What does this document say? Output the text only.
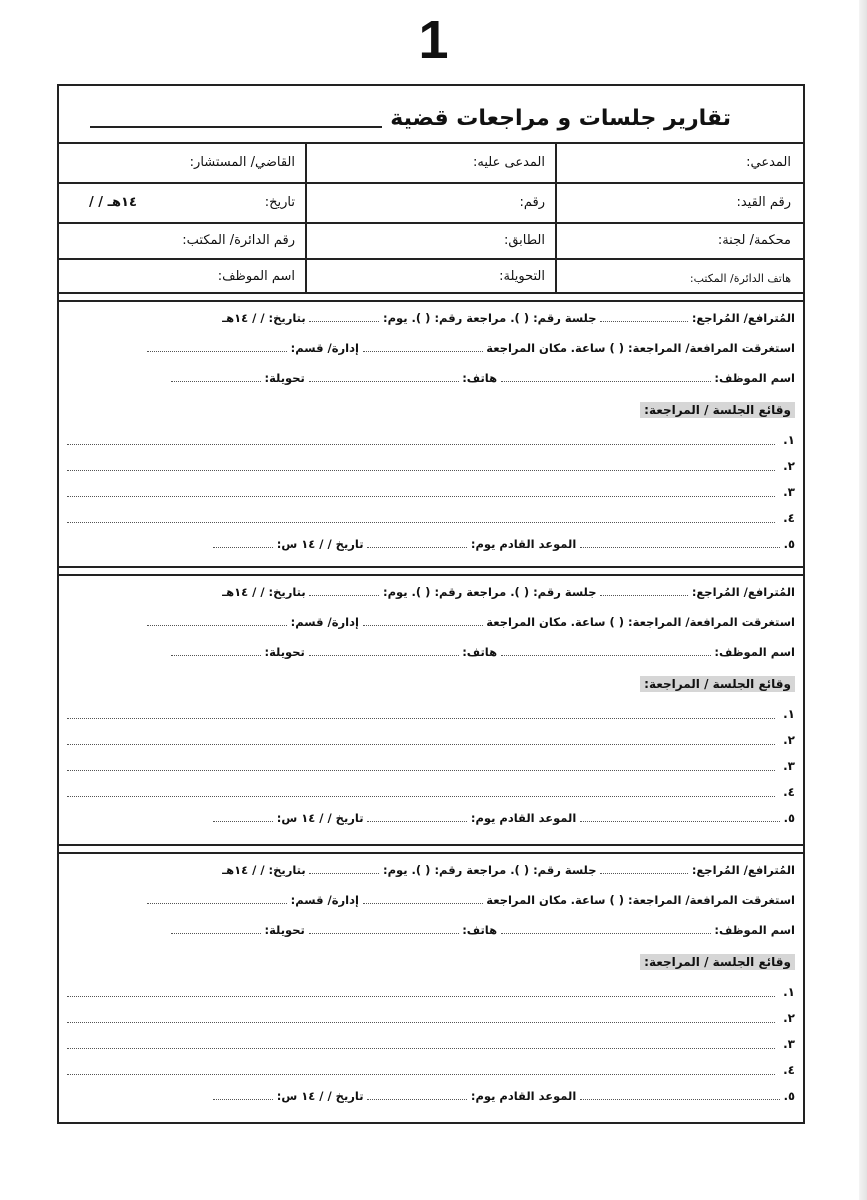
1
تقارير جلسات و مراجعات قضية
المدعي:
المدعى عليه:
القاضي/ المستشار:
رقم القيد:
رقم:
تاريخ:
/ / ١٤هـ
محكمة/ لجنة:
الطابق:
رقم الدائرة/ المكتب:
هاتف الدائرة/ المكتب:
التحويلة:
اسم الموظف:
المُترافع/ المُراجع:  جلسة رقم: ( ). مراجعة رقم: ( ). يوم:  بتاريخ: / / ١٤هـ
استغرقت المرافعة/ المراجعة: ( ) ساعة. مكان المراجعة  إدارة/ قسم:
اسم الموظف:  هاتف:  تحويلة:
وقائع الجلسة / المراجعة:
١.
٢.
٣.
٤.
٥.  الموعد القادم يوم:  تاريخ / / ١٤ س:
المُترافع/ المُراجع:  جلسة رقم: ( ). مراجعة رقم: ( ). يوم:  بتاريخ: / / ١٤هـ
استغرقت المرافعة/ المراجعة: ( ) ساعة. مكان المراجعة  إدارة/ قسم:
اسم الموظف:  هاتف:  تحويلة:
وقائع الجلسة / المراجعة:
١.
٢.
٣.
٤.
٥.  الموعد القادم يوم:  تاريخ / / ١٤ س:
المُترافع/ المُراجع:  جلسة رقم: ( ). مراجعة رقم: ( ). يوم:  بتاريخ: / / ١٤هـ
استغرقت المرافعة/ المراجعة: ( ) ساعة. مكان المراجعة  إدارة/ قسم:
اسم الموظف:  هاتف:  تحويلة:
وقائع الجلسة / المراجعة:
١.
٢.
٣.
٤.
٥.  الموعد القادم يوم:  تاريخ / / ١٤ س:
